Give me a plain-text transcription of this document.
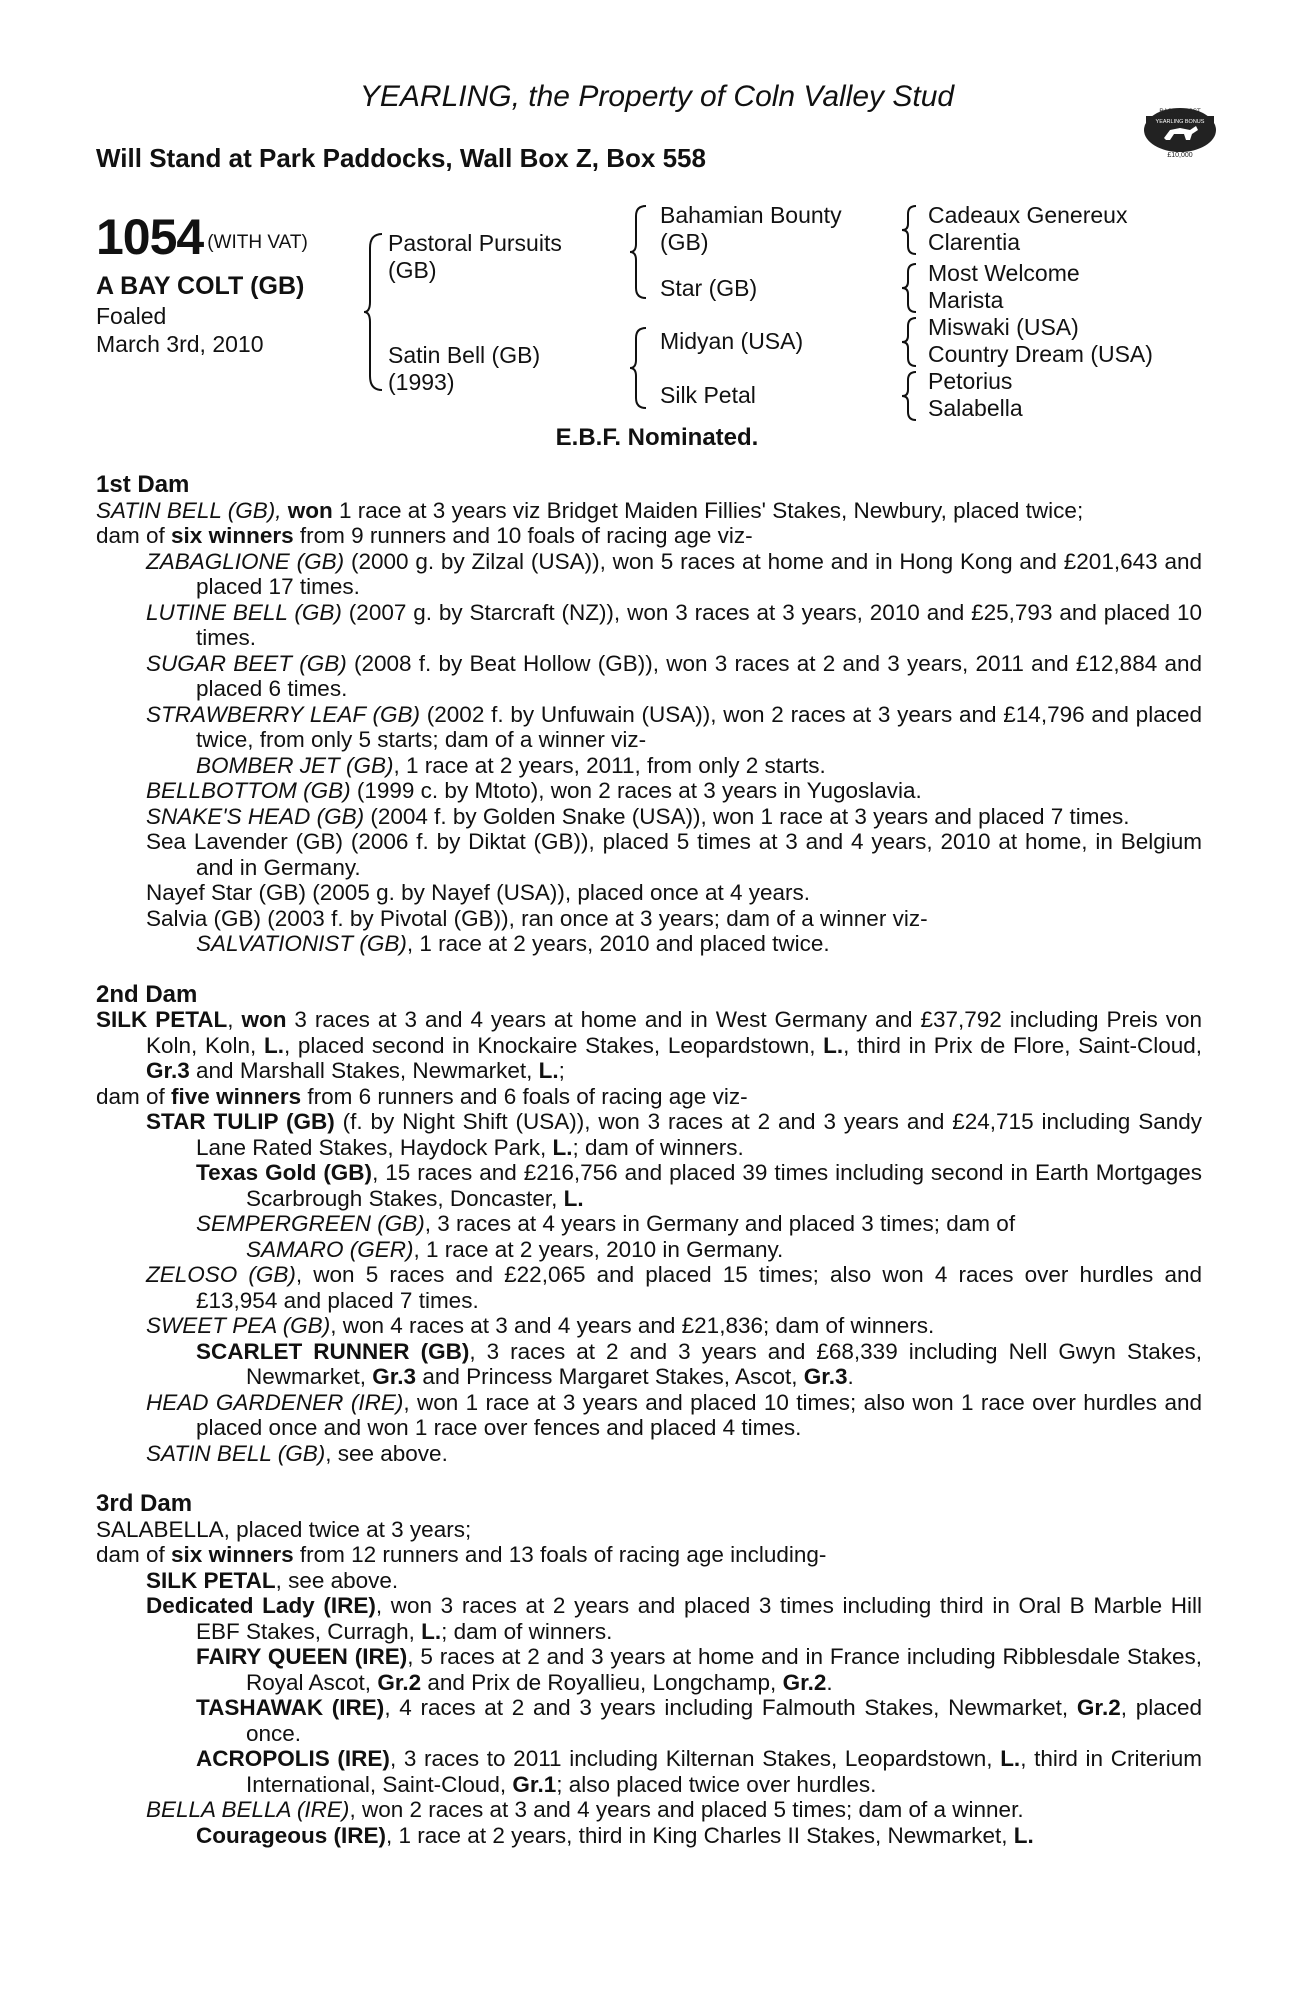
YEARLING, the Property of Coln Valley Stud
Will Stand at Park Paddocks, Wall Box Z, Box 558
RACING POST
YEARLING BONUS
£10,000
1054 (WITH VAT)
A BAY COLT (GB)
Foaled
March 3rd, 2010
Pastoral Pursuits
(GB)
Satin Bell (GB)
(1993)
Bahamian Bounty
(GB)
Star (GB)
Midyan (USA)
Silk Petal
Cadeaux Genereux
Clarentia
Most Welcome
Marista
Miswaki (USA)
Country Dream (USA)
Petorius
Salabella
E.B.F. Nominated.
1st Dam

SATIN BELL (GB), won 1 race at 3 years viz Bridget Maiden Fillies' Stakes, Newbury, placed twice;

dam of six winners from 9 runners and 10 foals of racing age viz-

ZABAGLIONE (GB) (2000 g. by Zilzal (USA)), won 5 races at home and in Hong Kong and £201,643 and placed 17 times.

LUTINE BELL (GB) (2007 g. by Starcraft (NZ)), won 3 races at 3 years, 2010 and £25,793 and placed 10 times.

SUGAR BEET (GB) (2008 f. by Beat Hollow (GB)), won 3 races at 2 and 3 years, 2011 and £12,884 and placed 6 times.

STRAWBERRY LEAF (GB) (2002 f. by Unfuwain (USA)), won 2 races at 3 years and £14,796 and placed twice, from only 5 starts; dam of a winner viz-

BOMBER JET (GB), 1 race at 2 years, 2011, from only 2 starts.

BELLBOTTOM (GB) (1999 c. by Mtoto), won 2 races at 3 years in Yugoslavia.

SNAKE'S HEAD (GB) (2004 f. by Golden Snake (USA)), won 1 race at 3 years and placed 7 times.

Sea Lavender (GB) (2006 f. by Diktat (GB)), placed 5 times at 3 and 4 years, 2010 at home, in Belgium and in Germany.

Nayef Star (GB) (2005 g. by Nayef (USA)), placed once at 4 years.

Salvia (GB) (2003 f. by Pivotal (GB)), ran once at 3 years; dam of a winner viz-

SALVATIONIST (GB), 1 race at 2 years, 2010 and placed twice.

2nd Dam

SILK PETAL, won 3 races at 3 and 4 years at home and in West Germany and £37,792 including Preis von Koln, Koln, L., placed second in Knockaire Stakes, Leopardstown, L., third in Prix de Flore, Saint-Cloud, Gr.3 and Marshall Stakes, Newmarket, L.;

dam of five winners from 6 runners and 6 foals of racing age viz-

STAR TULIP (GB) (f. by Night Shift (USA)), won 3 races at 2 and 3 years and £24,715 including Sandy Lane Rated Stakes, Haydock Park, L.; dam of winners.

Texas Gold (GB), 15 races and £216,756 and placed 39 times including second in Earth Mortgages Scarbrough Stakes, Doncaster, L.

SEMPERGREEN (GB), 3 races at 4 years in Germany and placed 3 times; dam of

SAMARO (GER), 1 race at 2 years, 2010 in Germany.

ZELOSO (GB), won 5 races and £22,065 and placed 15 times; also won 4 races over hurdles and £13,954 and placed 7 times.

SWEET PEA (GB), won 4 races at 3 and 4 years and £21,836; dam of winners.

SCARLET RUNNER (GB), 3 races at 2 and 3 years and £68,339 including Nell Gwyn Stakes, Newmarket, Gr.3 and Princess Margaret Stakes, Ascot, Gr.3.

HEAD GARDENER (IRE), won 1 race at 3 years and placed 10 times; also won 1 race over hurdles and placed once and won 1 race over fences and placed 4 times.

SATIN BELL (GB), see above.

3rd Dam

SALABELLA, placed twice at 3 years;

dam of six winners from 12 runners and 13 foals of racing age including-

SILK PETAL, see above.

Dedicated Lady (IRE), won 3 races at 2 years and placed 3 times including third in Oral B Marble Hill EBF Stakes, Curragh, L.; dam of winners.

FAIRY QUEEN (IRE), 5 races at 2 and 3 years at home and in France including Ribblesdale Stakes, Royal Ascot, Gr.2 and Prix de Royallieu, Longchamp, Gr.2.

TASHAWAK (IRE), 4 races at 2 and 3 years including Falmouth Stakes, Newmarket, Gr.2, placed once.

ACROPOLIS (IRE), 3 races to 2011 including Kilternan Stakes, Leopardstown, L., third in Criterium International, Saint-Cloud, Gr.1; also placed twice over hurdles.

BELLA BELLA (IRE), won 2 races at 3 and 4 years and placed 5 times; dam of a winner.

Courageous (IRE), 1 race at 2 years, third in King Charles II Stakes, Newmarket, L.
